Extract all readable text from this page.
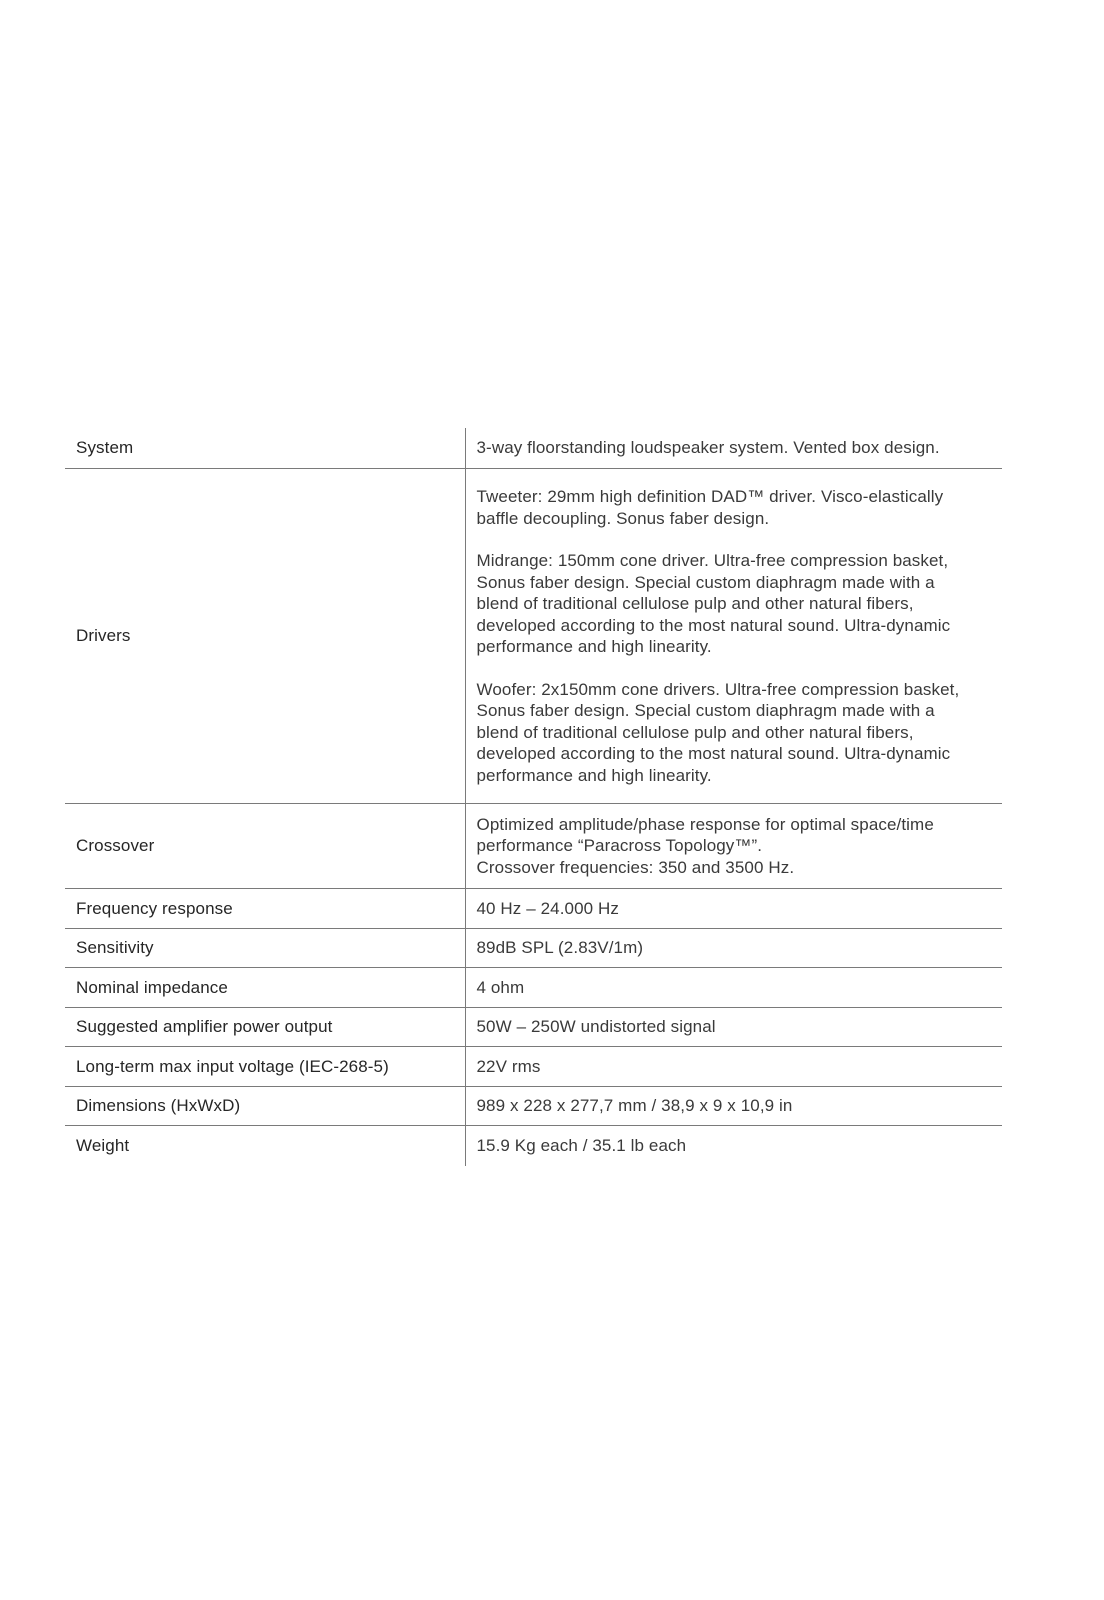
System	3-way floorstanding loudspeaker system. Vented box design.
Drivers	Tweeter: 29mm high definition DAD™ driver. Visco-elastically baffle decoupling. Sonus faber design.

Midrange: 150mm cone driver. Ultra-free compression basket, Sonus faber design. Special custom diaphragm made with a blend of traditional cellulose pulp and other natural fibers, developed according to the most natural sound. Ultra-dynamic performance and high linearity.

Woofer: 2x150mm cone drivers. Ultra-free compression basket, Sonus faber design. Special custom diaphragm made with a blend of traditional cellulose pulp and other natural fibers, developed according to the most natural sound. Ultra-dynamic performance and high linearity.

Crossover	Optimized amplitude/phase response for optimal space/time performance “Paracross Topology™”.
Crossover frequencies: 350 and 3500 Hz.

Frequency response	40 Hz – 24.000 Hz
Sensitivity	89dB SPL (2.83V/1m)
Nominal impedance	4 ohm
Suggested amplifier power output	50W – 250W undistorted signal
Long-term max input voltage (IEC-268-5)	22V rms
Dimensions (HxWxD)	989 x 228 x 277,7 mm / 38,9 x 9 x 10,9 in
Weight	15.9 Kg each / 35.1 lb each
